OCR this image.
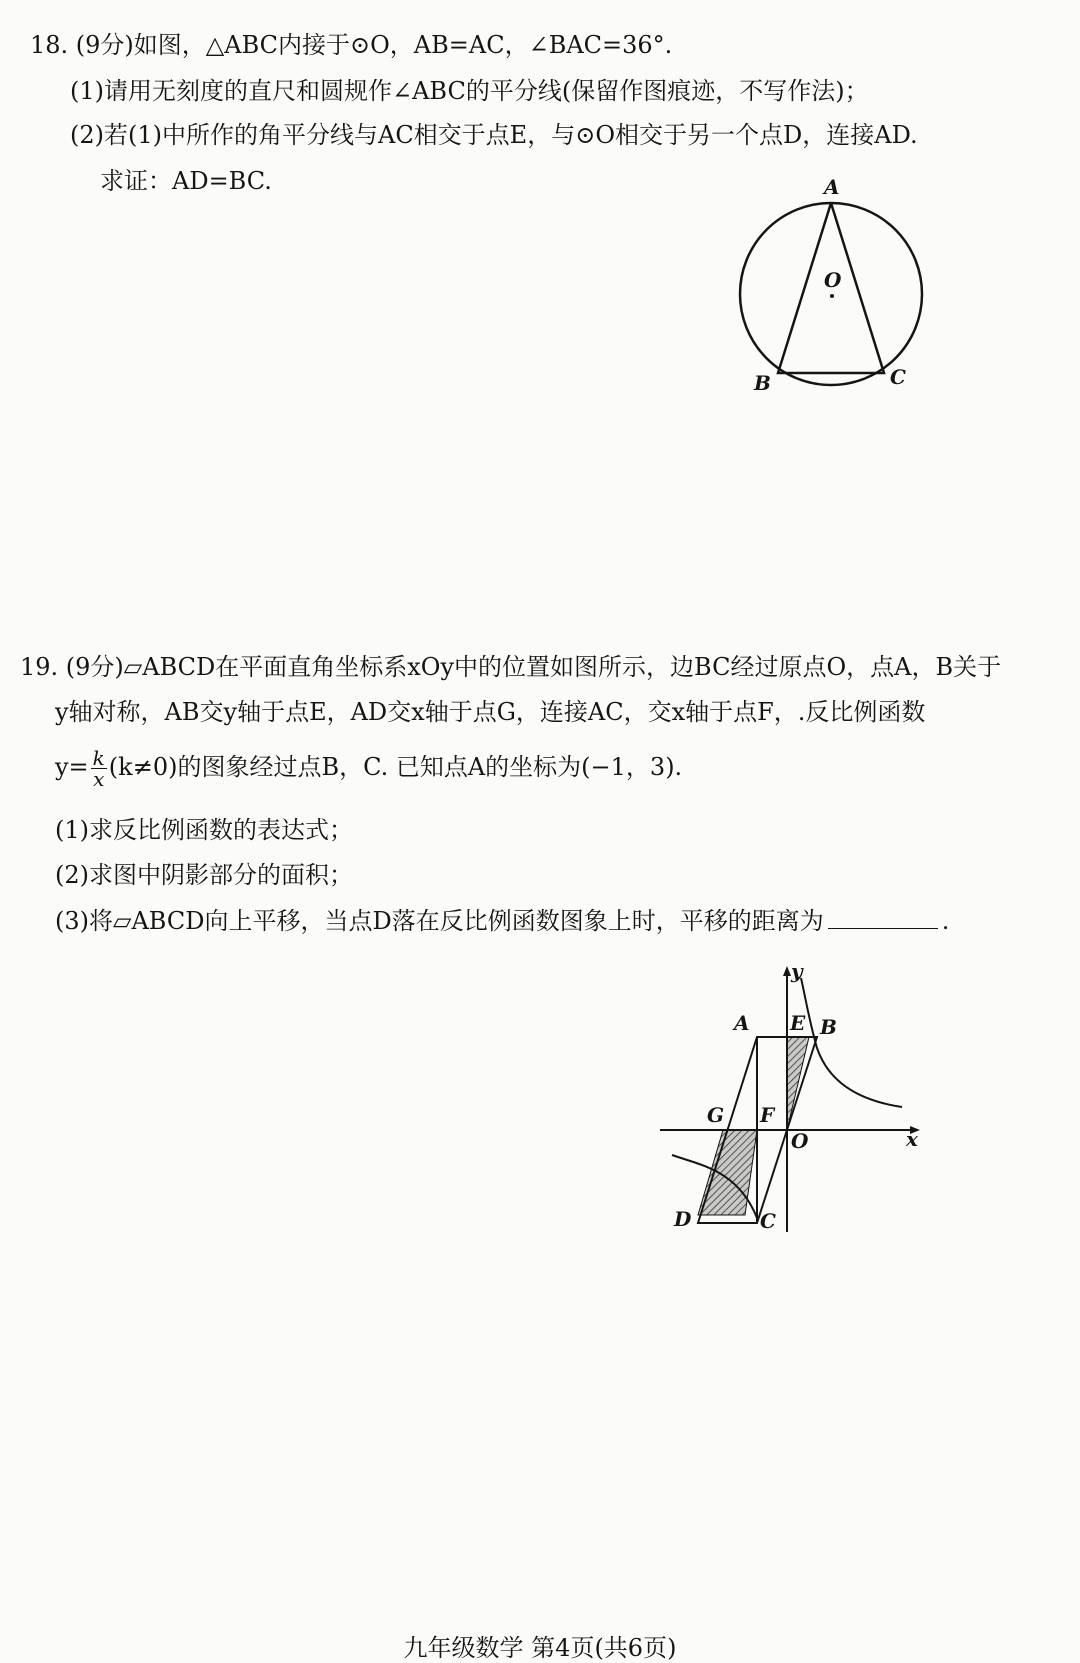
18. (9分)如图，△ABC内接于⊙O，AB=AC，∠BAC=36°.
(1)请用无刻度的直尺和圆规作∠ABC的平分线(保留作图痕迹，不写作法)；
(2)若(1)中所作的角平分线与AC相交于点E，与⊙O相交于另一个点D，连接AD.
求证：AD=BC.	A
O
B	C
19. (9分)▱ABCD在平面直角坐标系xOy中的位置如图所示，边BC经过原点O，点A，B关于
y轴对称，AB交y轴于点E，AD交x轴于点G，连接AC，交x轴于点F，.反比例函数
$y= \frac{k}{x} (k\ne 0)$的图象经过点B，C. 已知点A的坐标为(−1，3).
(1)求反比例函数的表达式；
(2)求图中阴影部分的面积；
(3)将▱ABCD向上平移，当点D落在反比例函数图象上时，平移的距离为	.
y
A E B
G F
O	x
D	C
九年级数学 第4页(共6页)
